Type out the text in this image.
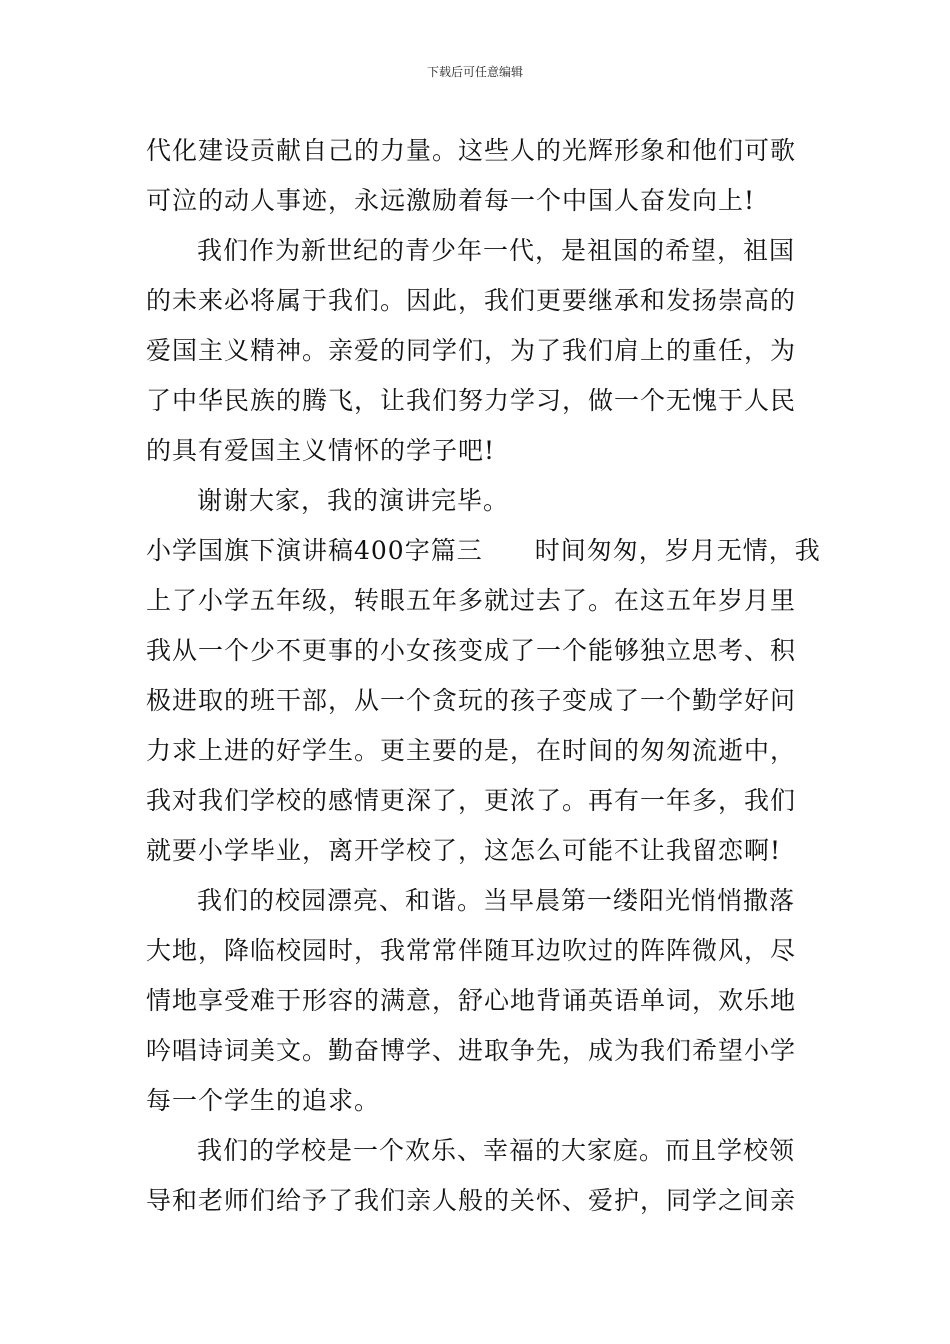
下载后可任意编辑
代化建设贡献自己的力量。这些人的光辉形象和他们可歌
可泣的动人事迹，永远激励着每一个中国人奋发向上!
我们作为新世纪的青少年一代，是祖国的希望，祖国
的未来必将属于我们。因此，我们更要继承和发扬崇高的
爱国主义精神。亲爱的同学们，为了我们肩上的重任，为
了中华民族的腾飞，让我们努力学习，做一个无愧于人民
的具有爱国主义情怀的学子吧!
谢谢大家，我的演讲完毕。
小学国旗下演讲稿400字篇三 时间匆匆，岁月无情，我
上了小学五年级，转眼五年多就过去了。在这五年岁月里
我从一个少不更事的小女孩变成了一个能够独立思考、积
极进取的班干部，从一个贪玩的孩子变成了一个勤学好问
力求上进的好学生。更主要的是，在时间的匆匆流逝中，
我对我们学校的感情更深了，更浓了。再有一年多，我们
就要小学毕业，离开学校了，这怎么可能不让我留恋啊!
我们的校园漂亮、和谐。当早晨第一缕阳光悄悄撒落
大地，降临校园时，我常常伴随耳边吹过的阵阵微风，尽
情地享受难于形容的满意，舒心地背诵英语单词，欢乐地
吟唱诗词美文。勤奋博学、进取争先，成为我们希望小学
每一个学生的追求。
我们的学校是一个欢乐、幸福的大家庭。而且学校领
导和老师们给予了我们亲人般的关怀、爱护，同学之间亲
